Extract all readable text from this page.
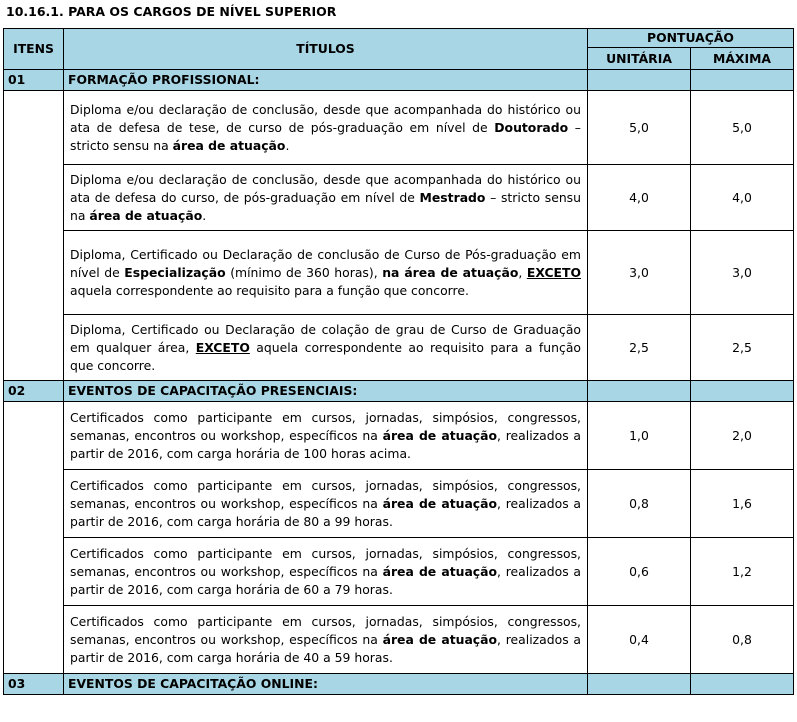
10.16.1. PARA OS CARGOS DE NÍVEL SUPERIOR
ITENS	TÍTULOS	PONTUAÇÃO	
		UNITÁRIA	MÁXIMA
01	FORMAÇÃO PROFISSIONAL:		
	Diploma e/ou declaração de conclusão, desde que acompanhada do histórico ou ata de defesa de tese, de curso de pós-graduação em nível de Doutorado – stricto sensu na área de atuação.	5,0	5,0
	Diploma e/ou declaração de conclusão, desde que acompanhada do histórico ou ata de defesa do curso, de pós-graduação em nível de Mestrado – stricto sensu na área de atuação.	4,0	4,0
	Diploma, Certificado ou Declaração de conclusão de Curso de Pós-graduação em nível de Especialização (mínimo de 360 horas), na área de atuação, EXCETO aquela correspondente ao requisito para a função que concorre.	3,0	3,0
	Diploma, Certificado ou Declaração de colação de grau de Curso de Graduação em qualquer área, EXCETO aquela correspondente ao requisito para a função que concorre.	2,5	2,5
02	EVENTOS DE CAPACITAÇÃO PRESENCIAIS:		
	Certificados como participante em cursos, jornadas, simpósios, congressos, semanas, encontros ou workshop, específicos na área de atuação, realizados a partir de 2016, com carga horária de 100 horas acima.	1,0	2,0
	Certificados como participante em cursos, jornadas, simpósios, congressos, semanas, encontros ou workshop, específicos na área de atuação, realizados a partir de 2016, com carga horária de 80 a 99 horas.	0,8	1,6
	Certificados como participante em cursos, jornadas, simpósios, congressos, semanas, encontros ou workshop, específicos na área de atuação, realizados a partir de 2016, com carga horária de 60 a 79 horas.	0,6	1,2
	Certificados como participante em cursos, jornadas, simpósios, congressos, semanas, encontros ou workshop, específicos na área de atuação, realizados a partir de 2016, com carga horária de 40 a 59 horas.	0,4	0,8
03	EVENTOS DE CAPACITAÇÃO ONLINE:		
